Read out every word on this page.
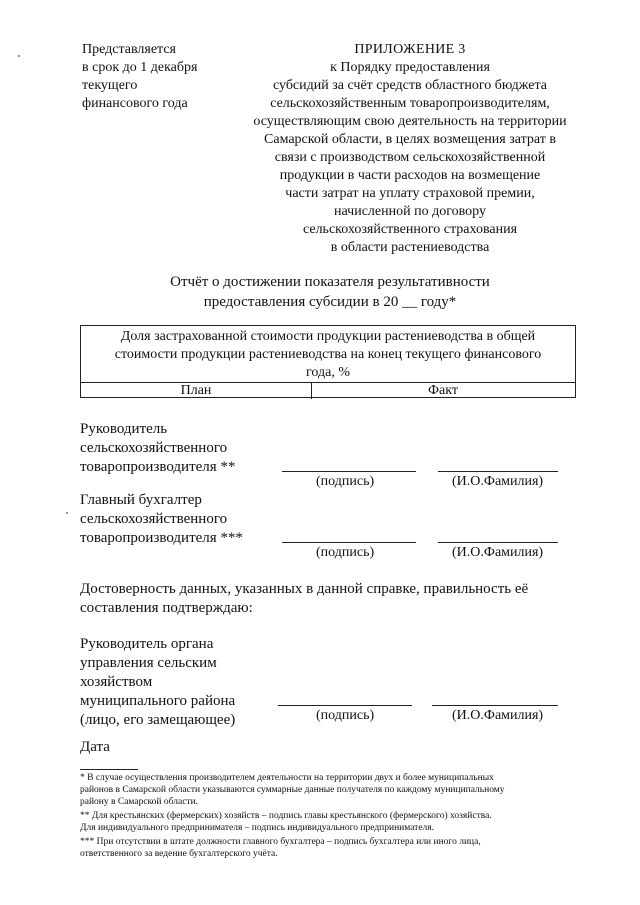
Представляется
в срок до 1 декабря
текущего
финансового года
ПРИЛОЖЕНИЕ 3
к Порядку предоставления
субсидий за счёт средств областного бюджета
сельскохозяйственным товаропроизводителям,
осуществляющим свою деятельность на территории
Самарской области, в целях возмещения затрат в
связи с производством сельскохозяйственной
продукции в части расходов на возмещение
части затрат на уплату страховой премии,
начисленной по договору
сельскохозяйственного страхования
в области растениеводства
Отчёт о достижении показателя результативности
предоставления субсидии в 20 __ году*
Доля застрахованной стоимости продукции растениеводства в общей
стоимости продукции растениеводства на конец текущего финансового
года, %
План	Факт
Руководитель
сельскохозяйственного
товаропроизводителя **
(подпись)	(И.О.Фамилия)
Главный бухгалтер
сельскохозяйственного
товаропроизводителя ***
(подпись)	(И.О.Фамилия)
Достоверность данных, указанных в данной справке, правильность её
составления подтверждаю:
Руководитель органа
управления сельским
хозяйством
муниципального района
(лицо, его замещающее)	(подпись)	(И.О.Фамилия)
Дата
* В случае осуществления производителем деятельности на территории двух и более муниципальных
районов в Самарской области указываются суммарные данные получателя по каждому муниципальному
району в Самарской области.
** Для крестьянских (фермерских) хозяйств – подпись главы крестьянского (фермерского) хозяйства.
Для индивидуального предпринимателя – подпись индивидуального предпринимателя.
*** При отсутствии в штате должности главного бухгалтера – подпись бухгалтера или иного лица,
ответственного за ведение бухгалтерского учёта.
